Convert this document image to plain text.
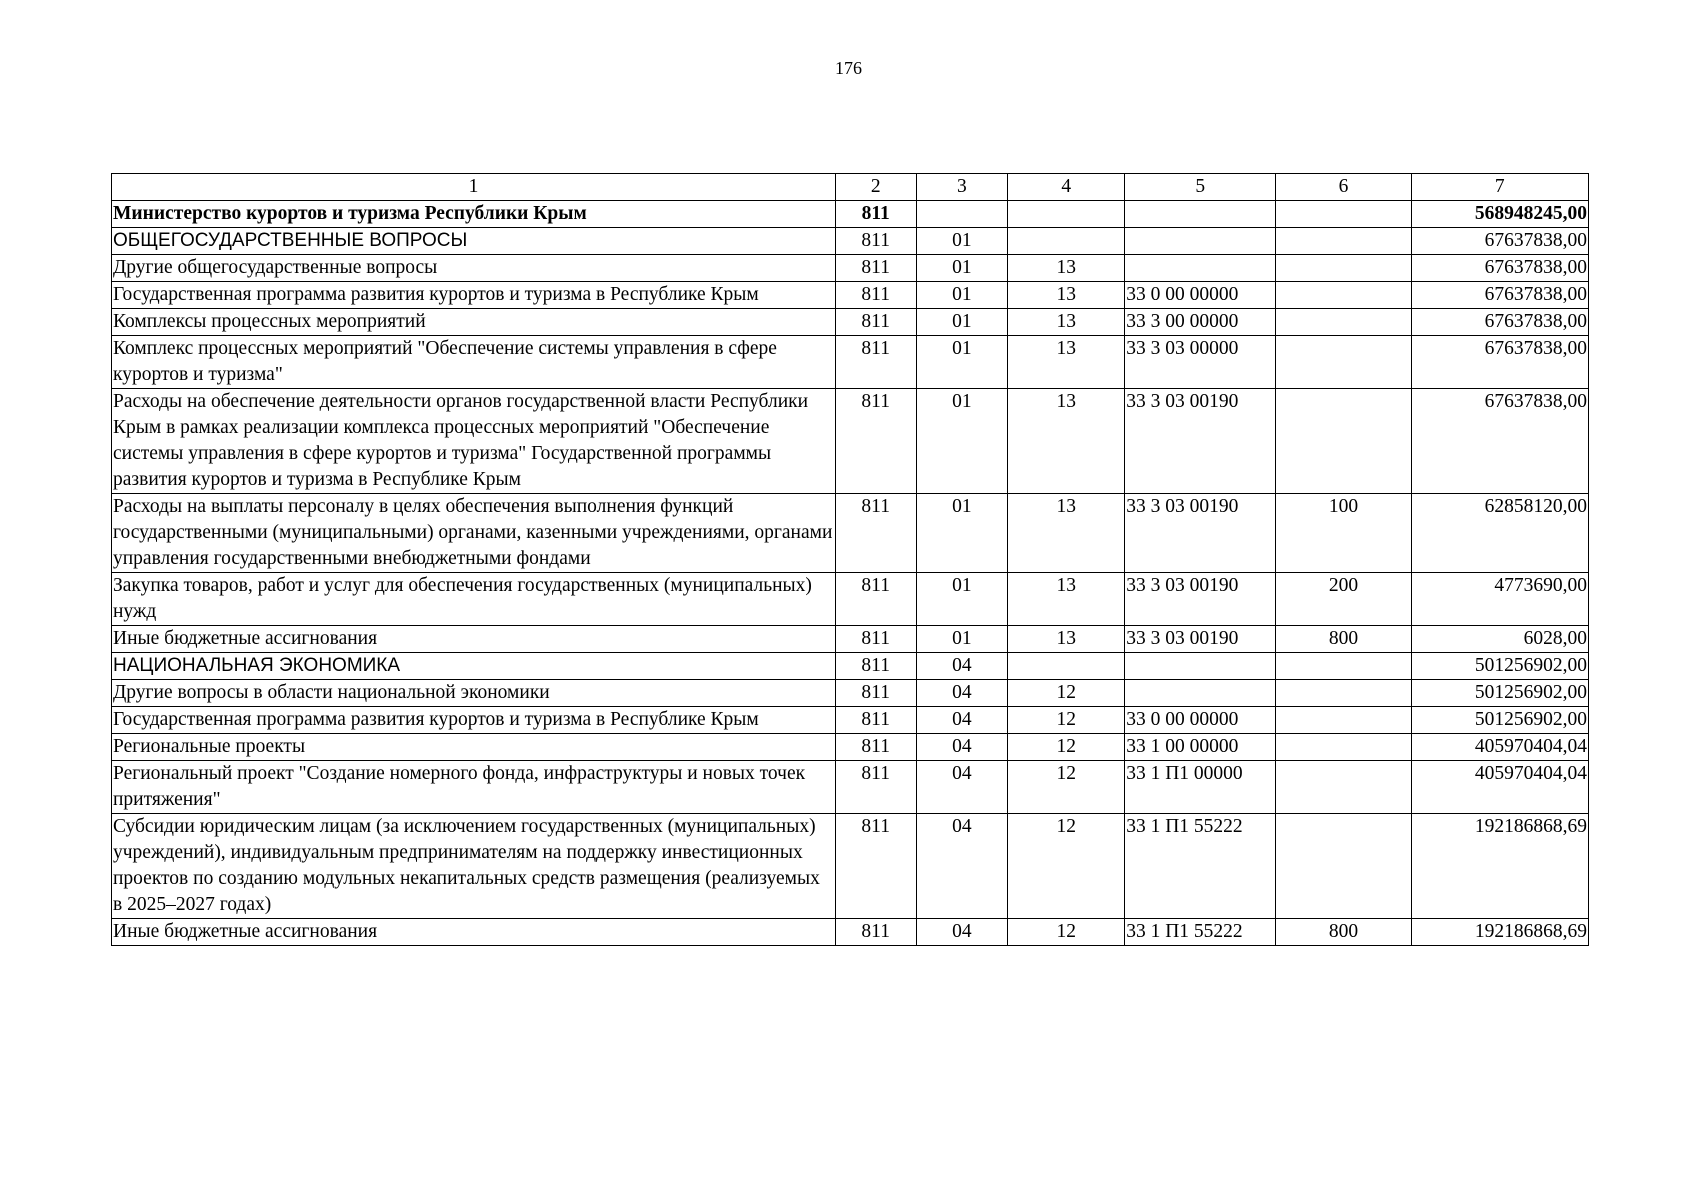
176
1	2	3	4	5	6	7
Министерство курортов и туризма Республики Крым	811					568948245,00
ОБЩЕГОСУДАРСТВЕННЫЕ ВОПРОСЫ	811	01				67637838,00
Другие общегосударственные вопросы	811	01	13			67637838,00
Государственная программа развития курортов и туризма в Республике Крым	811	01	13	33 0 00 00000		67637838,00
Комплексы процессных мероприятий	811	01	13	33 3 00 00000		67637838,00
Комплекс процессных мероприятий "Обеспечение системы управления в сфере курортов и туризма"	811	01	13	33 3 03 00000		67637838,00
Расходы на обеспечение деятельности органов государственной власти Республики Крым в рамках реализации комплекса процессных мероприятий "Обеспечение системы управления в сфере курортов и туризма" Государственной программы развития курортов и туризма в Республике Крым	811	01	13	33 3 03 00190		67637838,00
Расходы на выплаты персоналу в целях обеспечения выполнения функций государственными (муниципальными) органами, казенными учреждениями, органами управления государственными внебюджетными фондами	811	01	13	33 3 03 00190	100	62858120,00
Закупка товаров, работ и услуг для обеспечения государственных (муниципальных) нужд	811	01	13	33 3 03 00190	200	4773690,00
Иные бюджетные ассигнования	811	01	13	33 3 03 00190	800	6028,00
НАЦИОНАЛЬНАЯ ЭКОНОМИКА	811	04				501256902,00
Другие вопросы в области национальной экономики	811	04	12			501256902,00
Государственная программа развития курортов и туризма в Республике Крым	811	04	12	33 0 00 00000		501256902,00
Региональные проекты	811	04	12	33 1 00 00000		405970404,04
Региональный проект "Создание номерного фонда, инфраструктуры и новых точек притяжения"	811	04	12	33 1 П1 00000		405970404,04
Субсидии юридическим лицам (за исключением государственных (муниципальных) учреждений), индивидуальным предпринимателям на поддержку инвестиционных проектов по созданию модульных некапитальных средств размещения (реализуемых в 2025–2027 годах)	811	04	12	33 1 П1 55222		192186868,69
Иные бюджетные ассигнования	811	04	12	33 1 П1 55222	800	192186868,69
